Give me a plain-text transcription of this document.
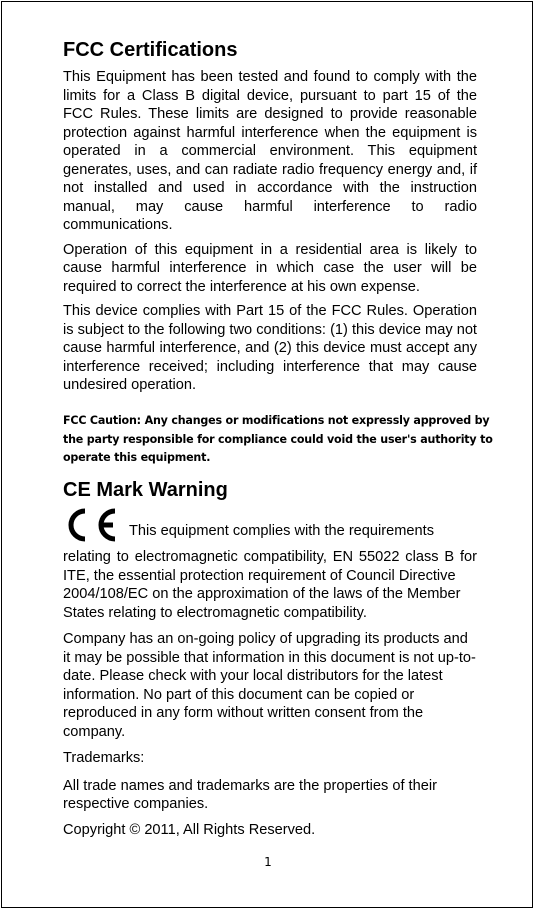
FCC Certifications

This Equipment has been tested and found to comply with the limits for a Class B digital device, pursuant to part 15 of the FCC Rules. These limits are designed to provide reasonable protection against harmful interference when the equipment is operated in a commercial environment. This equipment generates, uses, and can radiate radio frequency energy and, if not installed and used in accordance with the instruction manual, may cause harmful interference to radio communications.

Operation of this equipment in a residential area is likely to cause harmful interference in which case the user will be required to correct the interference at his own expense.

This device complies with Part 15 of the FCC Rules. Operation is subject to the following two conditions: (1) this device may not cause harmful interference, and (2) this device must accept any interference received; including interference that may cause undesired operation.

FCC Caution: Any changes or modifications not expressly approved by the party responsible for compliance could void the user's authority to operate this equipment.
CE Mark Warning
This equipment complies with the requirements

relating to electromagnetic compatibility, EN 55022 class B for ITE, the essential protection requirement of Council Directive

2004/108/EC on the approximation of the laws of the Member States relating to electromagnetic compatibility.

Company has an on-going policy of upgrading its products and it may be possible that information in this document is not up-to-date. Please check with your local distributors for the latest information. No part of this document can be copied or reproduced in any form without written consent from the company.

Trademarks:

All trade names and trademarks are the properties of their respective companies.

Copyright © 2011, All Rights Reserved.

1
